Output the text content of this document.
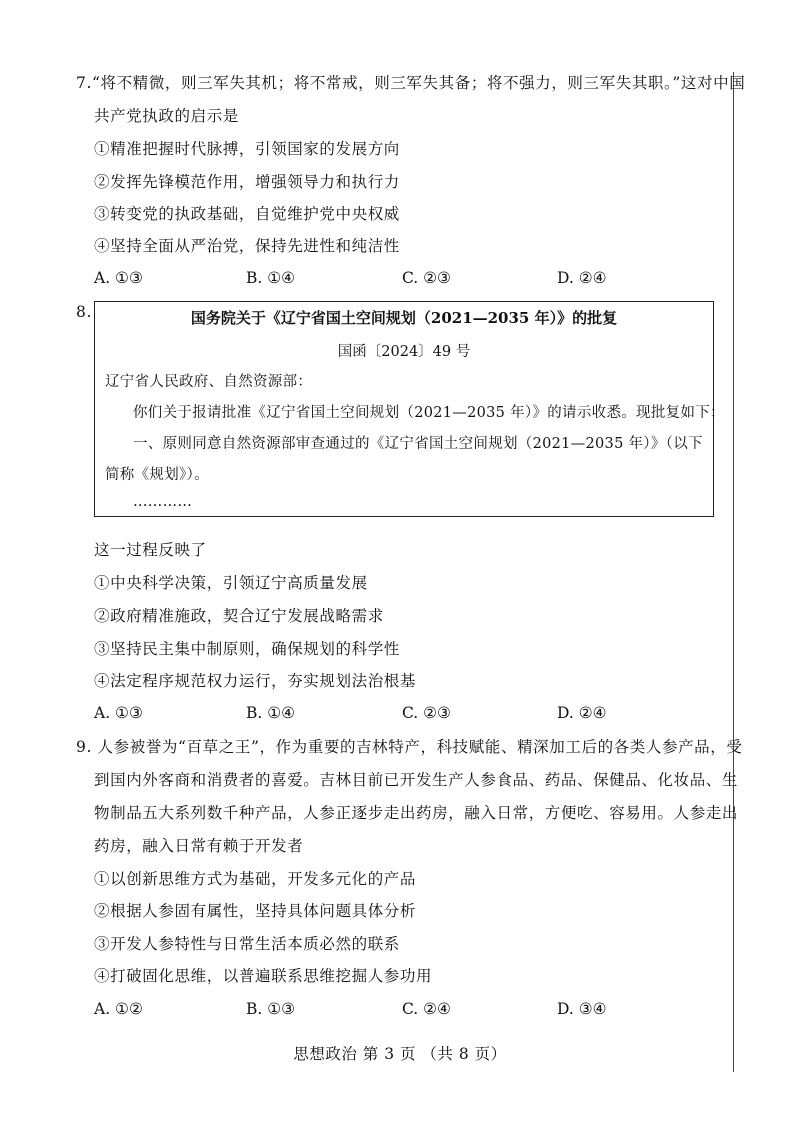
7.“将不精微，则三军失其机；将不常戒，则三军失其备；将不强力，则三军失其职。”这对中国
共产党执政的启示是
①精准把握时代脉搏，引领国家的发展方向
②发挥先锋模范作用，增强领导力和执行力
③转变党的执政基础，自觉维护党中央权威
④坚持全面从严治党，保持先进性和纯洁性
A. ①③	B. ①④	C. ②③	D. ②④
8.	国务院关于《辽宁省国土空间规划（2021—2035 年）》的批复
国函〔2024〕49 号
辽宁省人民政府、自然资源部：
你们关于报请批准《辽宁省国土空间规划（2021—2035 年）》的请示收悉。现批复如下：
一、原则同意自然资源部审查通过的《辽宁省国土空间规划（2021—2035 年）》（以下
简称《规划》）。
…………
这一过程反映了
①中央科学决策，引领辽宁高质量发展
②政府精准施政，契合辽宁发展战略需求
③坚持民主集中制原则，确保规划的科学性
④法定程序规范权力运行，夯实规划法治根基
A. ①③	B. ①④	C. ②③	D. ②④
9. 人参被誉为“百草之王”，作为重要的吉林特产，科技赋能、精深加工后的各类人参产品，受
到国内外客商和消费者的喜爱。吉林目前已开发生产人参食品、药品、保健品、化妆品、生
物制品五大系列数千种产品，人参正逐步走出药房，融入日常，方便吃、容易用。人参走出
药房，融入日常有赖于开发者
①以创新思维方式为基础，开发多元化的产品
②根据人参固有属性，坚持具体问题具体分析
③开发人参特性与日常生活本质必然的联系
④打破固化思维，以普遍联系思维挖掘人参功用
A. ①②	B. ①③	C. ②④	D. ③④
思想政治 第 3 页 （共 8 页）
